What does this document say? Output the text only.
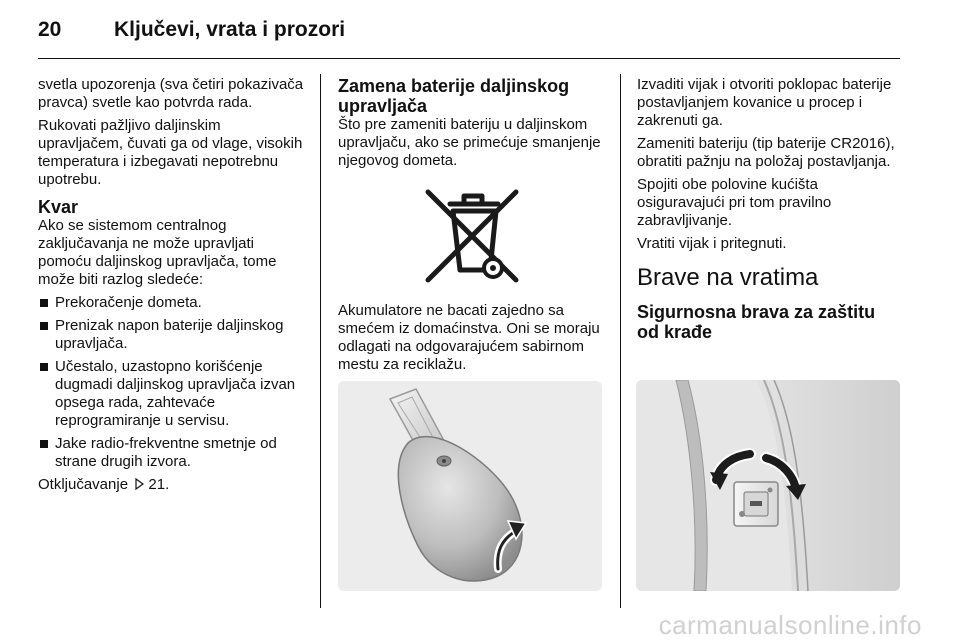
20	Ključevi, vrata i prozori

svetla upozorenja (sva četiri pokazivača pravca) svetle kao potvrda rada.

Rukovati pažljivo daljinskim upravljačem, čuvati ga od vlage, visokih temperatura i izbegavati nepotrebnu upotrebu.

Kvar

Ako se sistemom centralnog zaključavanja ne može upravljati pomoću daljinskog upravljača, tome može biti razlog sledeće:

Prekoračenje dometa.
Prenizak napon baterije daljinskog upravljača.
Učestalo, uzastopno korišćenje dugmadi daljinskog upravljača izvan opsega rada, zahtevaće reprogramiranje u servisu.
Jake radio-frekventne smetnje od strane drugih izvora.

Otključavanje 21.

Zamena baterije daljinskog upravljača

Što pre zameniti bateriju u daljinskom upravljaču, ako se primećuje smanjenje njegovog dometa.

Akumulatore ne bacati zajedno sa smećem iz domaćinstva. Oni se moraju odlagati na odgovarajućem sabirnom mestu za reciklažu.

Izvaditi vijak i otvoriti poklopac baterije postavljanjem kovanice u procep i zakrenuti ga.

Zameniti bateriju (tip baterije CR2016), obratiti pažnju na položaj postavljanja.

Spojiti obe polovine kućišta osiguravajući pri tom pravilno zabravljivanje.

Vratiti vijak i pritegnuti.

Brave na vratima
Sigurnosna brava za zaštitu od krađe
carmanualsonline.info
